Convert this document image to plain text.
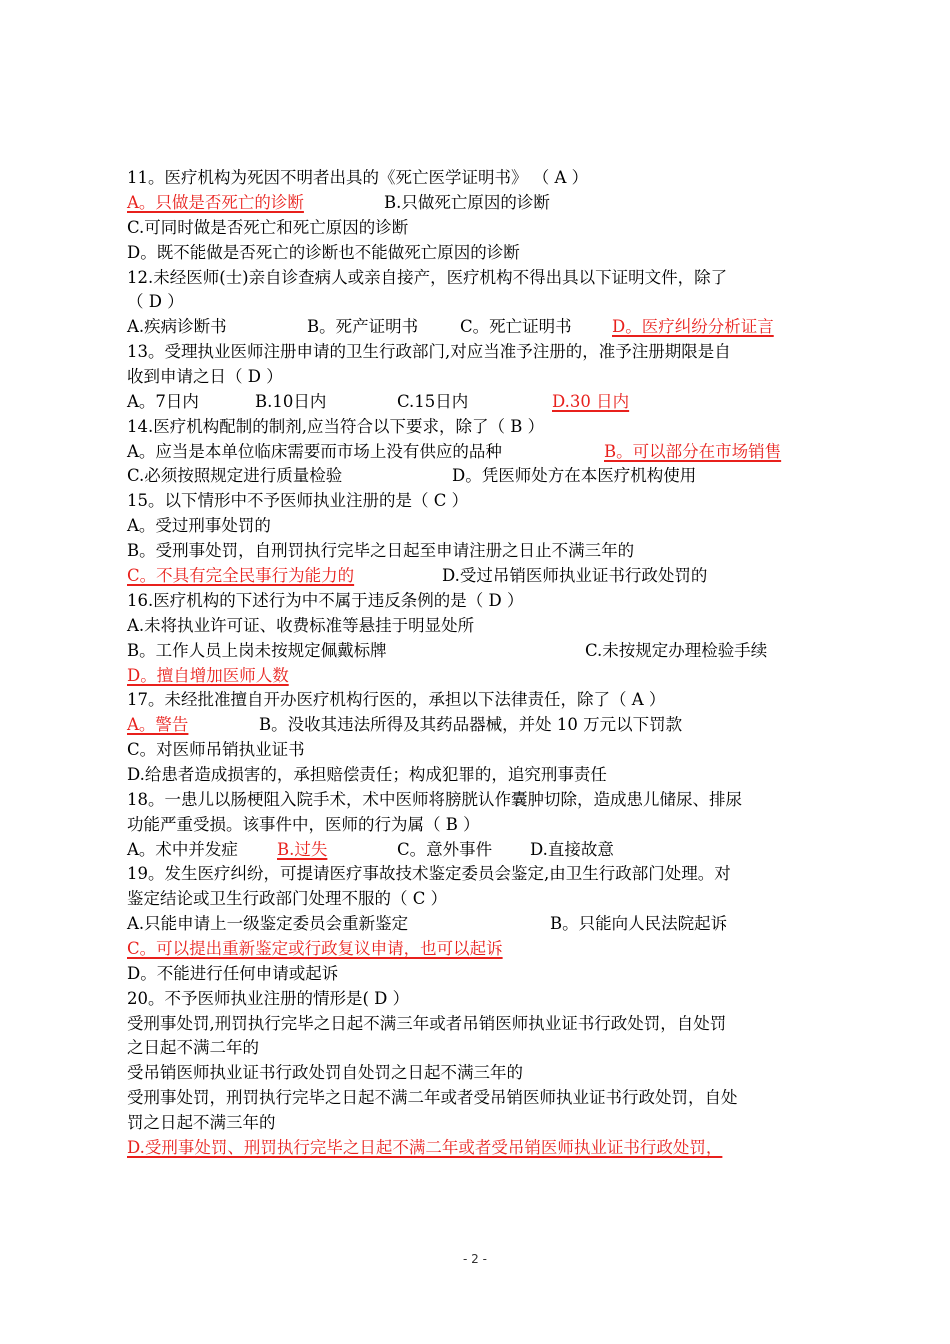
11。医疗机构为死因不明者出具的《死亡医学证明书》 （ A ）
A。只做是否死亡的诊断	B.只做死亡原因的诊断
C.可同时做是否死亡和死亡原因的诊断
D。既不能做是否死亡的诊断也不能做死亡原因的诊断
12.未经医师(士)亲自诊查病人或亲自接产，医疗机构不得出具以下证明文件，除了
（ D ）
A.疾病诊断书	B。死产证明书	C。死亡证明书 D。医疗纠纷分析证言
13。受理执业医师注册申请的卫生行政部门,对应当准予注册的，准予注册期限是自
收到申请之日（ D ）
A。7日内	B.10日内	C.15日内	D.30 日内
14.医疗机构配制的制剂,应当符合以下要求，除了（ B ）
A。应当是本单位临床需要而市场上没有供应的品种	B。可以部分在市场销售
C.必须按照规定进行质量检验	D。凭医师处方在本医疗机构使用
15。以下情形中不予医师执业注册的是（ C ）
A。受过刑事处罚的
B。受刑事处罚，自刑罚执行完毕之日起至申请注册之日止不满三年的
C。不具有完全民事行为能力的	D.受过吊销医师执业证书行政处罚的
16.医疗机构的下述行为中不属于违反条例的是（ D ）
A.未将执业许可证、收费标准等悬挂于明显处所
B。工作人员上岗未按规定佩戴标牌	C.未按规定办理检验手续
D。擅自增加医师人数
17。未经批准擅自开办医疗机构行医的，承担以下法律责任，除了（ A ）
A。警告	B。没收其违法所得及其药品器械，并处 10 万元以下罚款
C。对医师吊销执业证书
D.给患者造成损害的，承担赔偿责任；构成犯罪的，追究刑事责任
18。一患儿以肠梗阻入院手术，术中医师将膀胱认作囊肿切除，造成患儿储尿、排尿
功能严重受损。该事件中，医师的行为属（ B ）
A。术中并发症 B.过失	C。意外事件 D.直接故意
19。发生医疗纠纷，可提请医疗事故技术鉴定委员会鉴定,由卫生行政部门处理。对
鉴定结论或卫生行政部门处理不服的（ C ）
A.只能申请上一级鉴定委员会重新鉴定	B。只能向人民法院起诉
C。可以提出重新鉴定或行政复议申请，也可以起诉
D。不能进行任何申请或起诉
20。不予医师执业注册的情形是( D ）
受刑事处罚,刑罚执行完毕之日起不满三年或者吊销医师执业证书行政处罚，自处罚
之日起不满二年的
受吊销医师执业证书行政处罚自处罚之日起不满三年的
受刑事处罚，刑罚执行完毕之日起不满二年或者受吊销医师执业证书行政处罚，自处
罚之日起不满三年的
D.受刑事处罚、刑罚执行完毕之日起不满二年或者受吊销医师执业证书行政处罚，
- 2 -
